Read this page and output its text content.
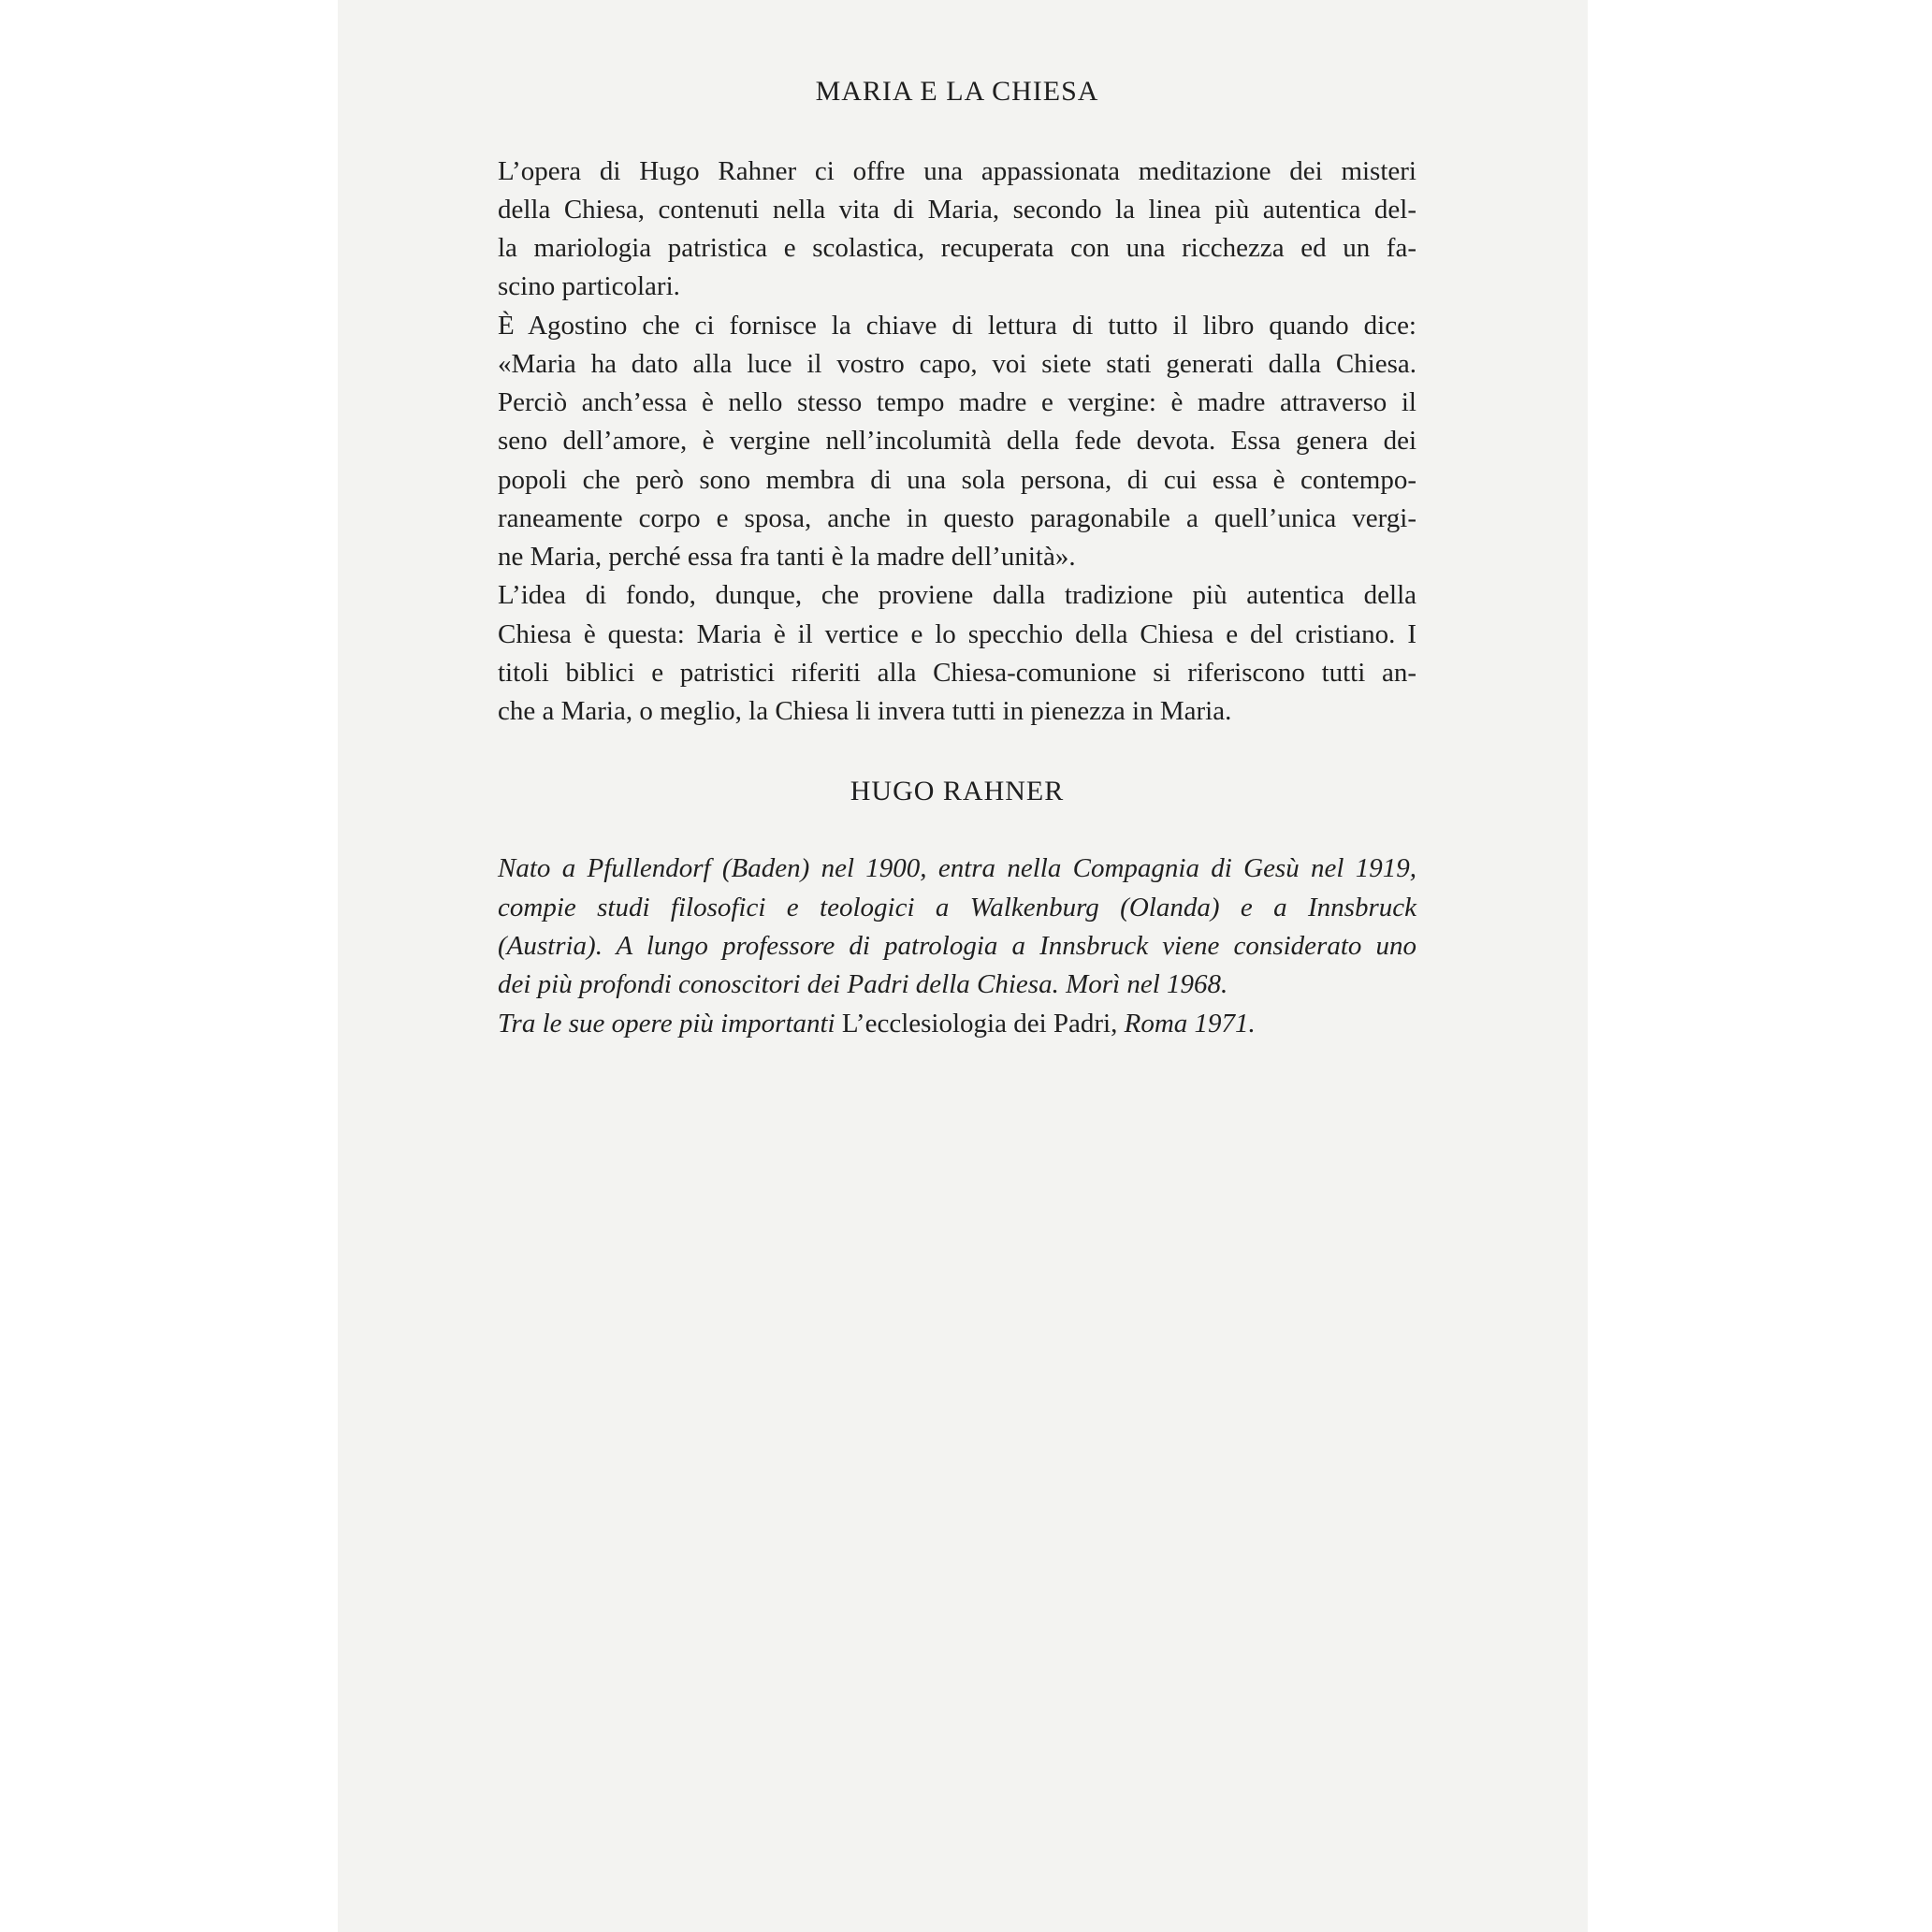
MARIA E LA CHIESA
L’opera di Hugo Rahner ci offre una appassionata meditazione dei misteri
della Chiesa, contenuti nella vita di Maria, secondo la linea più autentica del-
la mariologia patristica e scolastica, recuperata con una ricchezza ed un fa-
scino particolari.
È Agostino che ci fornisce la chiave di lettura di tutto il libro quando dice:
«Maria ha dato alla luce il vostro capo, voi siete stati generati dalla Chiesa.
Perciò anch’essa è nello stesso tempo madre e vergine: è madre attraverso il
seno dell’amore, è vergine nell’incolumità della fede devota. Essa genera dei
popoli che però sono membra di una sola persona, di cui essa è contempo-
raneamente corpo e sposa, anche in questo paragonabile a quell’unica vergi-
ne Maria, perché essa fra tanti è la madre dell’unità».
L’idea di fondo, dunque, che proviene dalla tradizione più autentica della
Chiesa è questa: Maria è il vertice e lo specchio della Chiesa e del cristiano. I
titoli biblici e patristici riferiti alla Chiesa-comunione si riferiscono tutti an-
che a Maria, o meglio, la Chiesa li invera tutti in pienezza in Maria.
HUGO RAHNER
Nato a Pfullendorf (Baden) nel 1900, entra nella Compagnia di Gesù nel 1919,
compie studi filosofici e teologici a Walkenburg (Olanda) e a Innsbruck
(Austria). A lungo professore di patrologia a Innsbruck viene considerato uno
dei più profondi conoscitori dei Padri della Chiesa. Morì nel 1968.
Tra le sue opere più importanti L’ecclesiologia dei Padri, Roma 1971.
